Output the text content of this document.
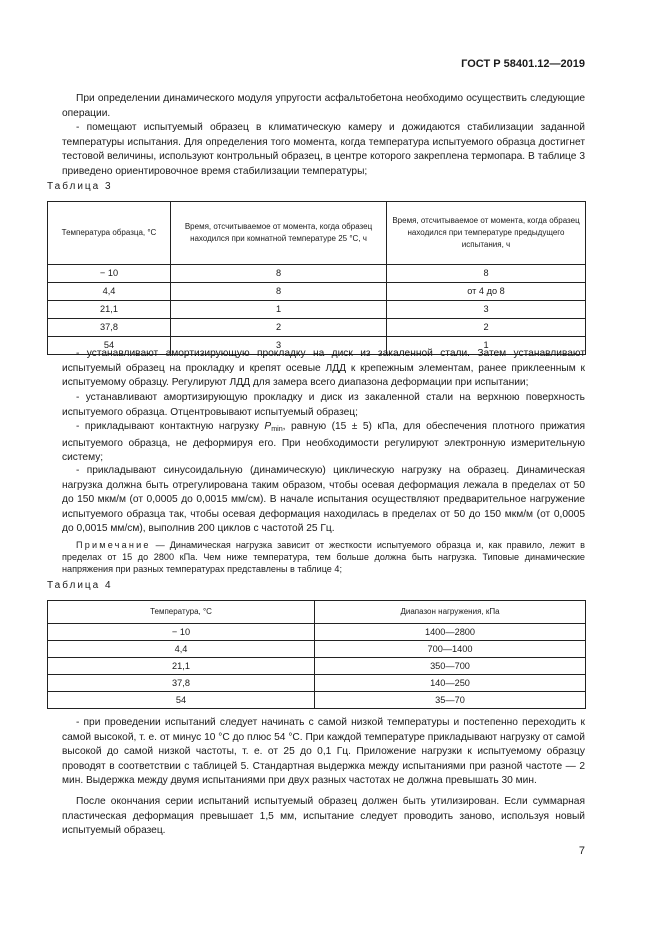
ГОСТ Р 58401.12—2019

При определении динамического модуля упругости асфальтобетона необходимо осуществить следующие операции.

- помещают испытуемый образец в климатическую камеру и дожидаются стабилизации заданной температуры испытания. Для определения того момента, когда температура испытуемого образца достигнет тестовой величины, используют контрольный образец, в центре которого закреплена термопара. В таблице 3 приведено ориентировочное время стабилизации температуры;

Таблица 3
Температура образца, °C	Время, отсчитываемое от момента, когда образец находился при комнатной температуре 25 °C, ч	Время, отсчитываемое от момента, когда образец находился при температуре предыдущего испытания, ч
− 10	8	8
4,4	8	от 4 до 8
21,1	1	3
37,8	2	2
54	3	1

- устанавливают амортизирующую прокладку на диск из закаленной стали. Затем устанавливают испытуемый образец на прокладку и крепят осевые ЛДД к крепежным элементам, ранее приклеенным к испытуемому образцу. Регулируют ЛДД для замера всего диапазона деформации при испытании;

- устанавливают амортизирующую прокладку и диск из закаленной стали на верхнюю поверхность испытуемого образца. Отцентровывают испытуемый образец;

- прикладывают контактную нагрузку $P_{min}$, равную (15 ± 5) кПа, для обеспечения плотного прижатия испытуемого образца, не деформируя его. При необходимости регулируют электронную измерительную систему;

- прикладывают синусоидальную (динамическую) циклическую нагрузку на образец. Динамическая нагрузка должна быть отрегулирована таким образом, чтобы осевая деформация лежала в пределах от 50 до 150 мкм/м (от 0,0005 до 0,0015 мм/см). В начале испытания осуществляют предварительное нагружение испытуемого образца так, чтобы осевая деформация находилась в пределах от 50 до 150 мкм/м (от 0,0005 до 0,0015 мм/см), выполнив 200 циклов с частотой 25 Гц.

Примечание — Динамическая нагрузка зависит от жесткости испытуемого образца и, как правило, лежит в пределах от 15 до 2800 кПа. Чем ниже температура, тем больше должна быть нагрузка. Типовые динамические напряжения при разных температурах представлены в таблице 4;

Таблица 4
Температура, °C	Диапазон нагружения, кПа
− 10	1400—2800
4,4	700—1400
21,1	350—700
37,8	140—250
54	35—70

- при проведении испытаний следует начинать с самой низкой температуры и постепенно переходить к самой высокой, т. е. от минус 10 °C до плюс 54 °C. При каждой температуре прикладывают нагрузку от самой высокой до самой низкой частоты, т. е. от 25 до 0,1 Гц. Приложение нагрузки к испытуемому образцу проводят в соответствии с таблицей 5. Стандартная выдержка между испытаниями при разной частоте — 2 мин. Выдержка между двумя испытаниями при двух разных частотах не должна превышать 30 мин.

После окончания серии испытаний испытуемый образец должен быть утилизирован. Если суммарная пластическая деформация превышает 1,5 мм, испытание следует проводить заново, используя новый испытуемый образец.

7
